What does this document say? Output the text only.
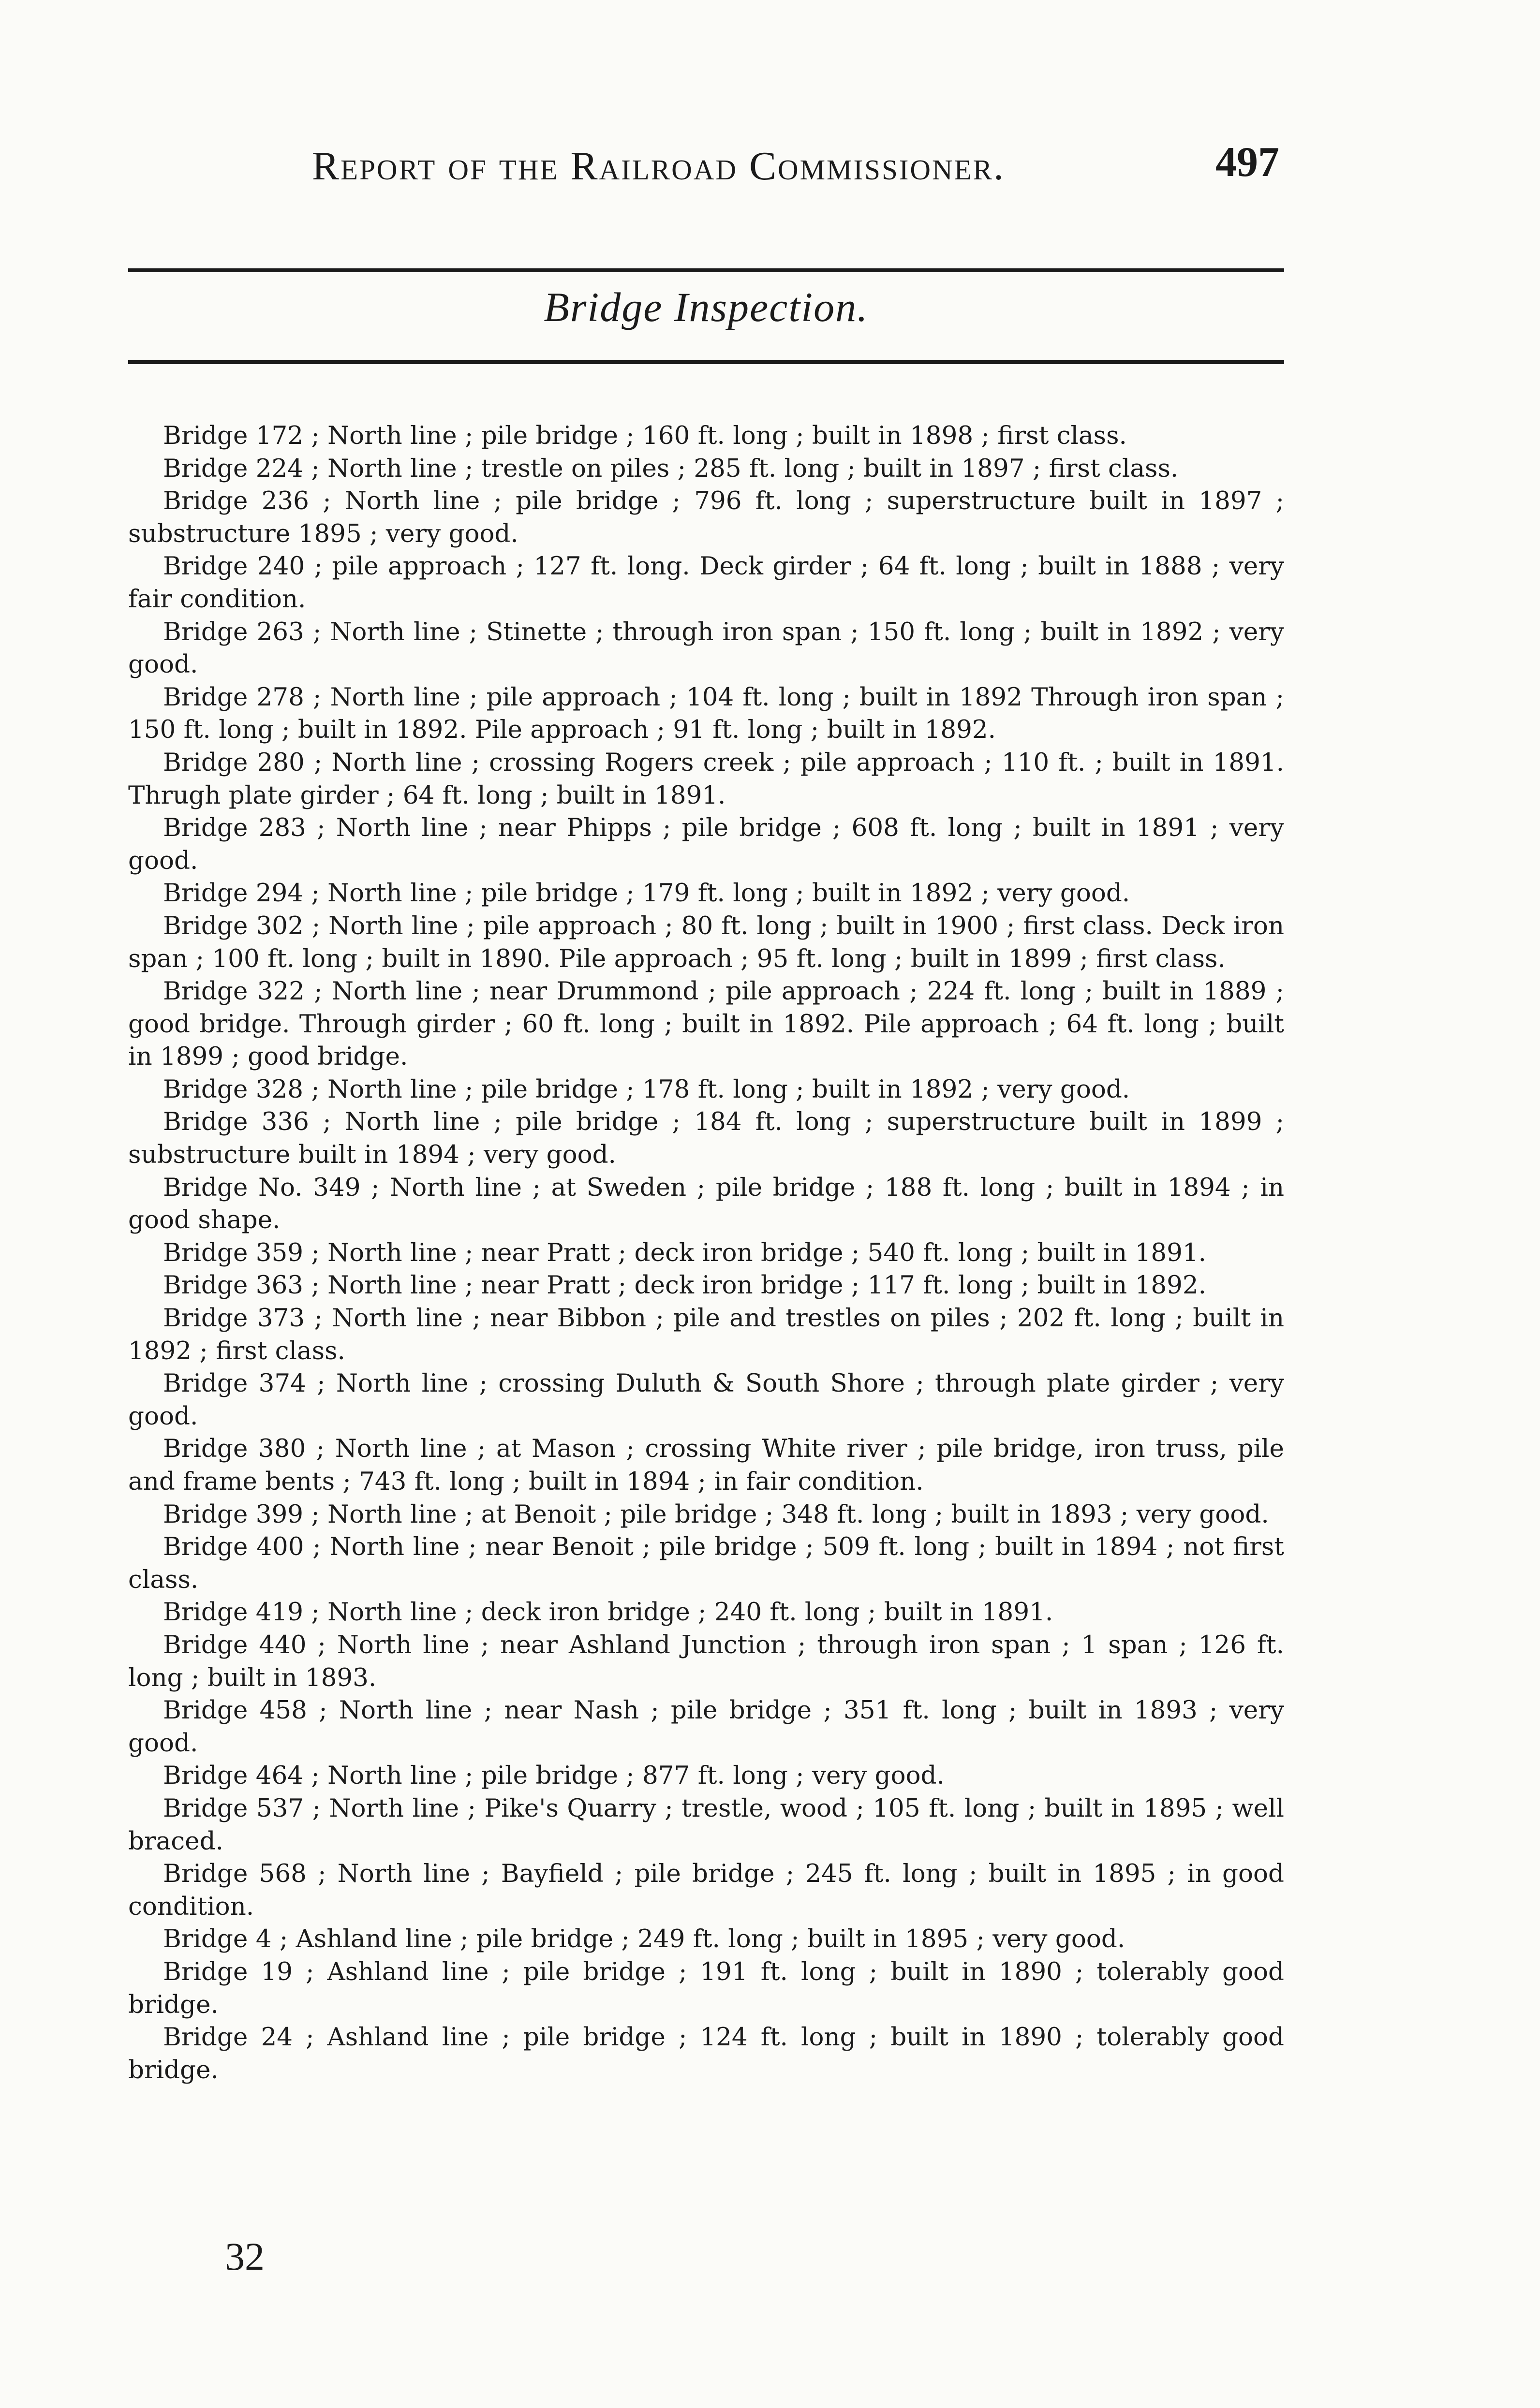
Report of the Railroad Commissioner.	497
Bridge Inspection.

Bridge 172 ; North line ; pile bridge ; 160 ft. long ; built in 1898 ; first class.

Bridge 224 ; North line ; trestle on piles ; 285 ft. long ; built in 1897 ; first class.

Bridge 236 ; North line ; pile bridge ; 796 ft. long ; superstructure built in 1897 ; substructure 1895 ; very good.

Bridge 240 ; pile approach ; 127 ft. long. Deck girder ; 64 ft. long ; built in 1888 ; very fair condition.

Bridge 263 ; North line ; Stinette ; through iron span ; 150 ft. long ; built in 1892 ; very good.

Bridge 278 ; North line ; pile approach ; 104 ft. long ; built in 1892 Through iron span ; 150 ft. long ; built in 1892. Pile approach ; 91 ft. long ; built in 1892.

Bridge 280 ; North line ; crossing Rogers creek ; pile approach ; 110 ft. ; built in 1891. Thrugh plate girder ; 64 ft. long ; built in 1891.

Bridge 283 ; North line ; near Phipps ; pile bridge ; 608 ft. long ; built in 1891 ; very good.

Bridge 294 ; North line ; pile bridge ; 179 ft. long ; built in 1892 ; very good.

Bridge 302 ; North line ; pile approach ; 80 ft. long ; built in 1900 ; first class. Deck iron span ; 100 ft. long ; built in 1890. Pile approach ; 95 ft. long ; built in 1899 ; first class.

Bridge 322 ; North line ; near Drummond ; pile approach ; 224 ft. long ; built in 1889 ; good bridge. Through girder ; 60 ft. long ; built in 1892. Pile approach ; 64 ft. long ; built in 1899 ; good bridge.

Bridge 328 ; North line ; pile bridge ; 178 ft. long ; built in 1892 ; very good.

Bridge 336 ; North line ; pile bridge ; 184 ft. long ; superstructure built in 1899 ; substructure built in 1894 ; very good.

Bridge No. 349 ; North line ; at Sweden ; pile bridge ; 188 ft. long ; built in 1894 ; in good shape.

Bridge 359 ; North line ; near Pratt ; deck iron bridge ; 540 ft. long ; built in 1891.

Bridge 363 ; North line ; near Pratt ; deck iron bridge ; 117 ft. long ; built in 1892.

Bridge 373 ; North line ; near Bibbon ; pile and trestles on piles ; 202 ft. long ; built in 1892 ; first class.

Bridge 374 ; North line ; crossing Duluth & South Shore ; through plate girder ; very good.

Bridge 380 ; North line ; at Mason ; crossing White river ; pile bridge, iron truss, pile and frame bents ; 743 ft. long ; built in 1894 ; in fair condition.

Bridge 399 ; North line ; at Benoit ; pile bridge ; 348 ft. long ; built in 1893 ; very good.

Bridge 400 ; North line ; near Benoit ; pile bridge ; 509 ft. long ; built in 1894 ; not first class.

Bridge 419 ; North line ; deck iron bridge ; 240 ft. long ; built in 1891.

Bridge 440 ; North line ; near Ashland Junction ; through iron span ; 1 span ; 126 ft. long ; built in 1893.

Bridge 458 ; North line ; near Nash ; pile bridge ; 351 ft. long ; built in 1893 ; very good.

Bridge 464 ; North line ; pile bridge ; 877 ft. long ; very good.

Bridge 537 ; North line ; Pike's Quarry ; trestle, wood ; 105 ft. long ; built in 1895 ; well braced.

Bridge 568 ; North line ; Bayfield ; pile bridge ; 245 ft. long ; built in 1895 ; in good condition.

Bridge 4 ; Ashland line ; pile bridge ; 249 ft. long ; built in 1895 ; very good.

Bridge 19 ; Ashland line ; pile bridge ; 191 ft. long ; built in 1890 ; tolerably good bridge.

Bridge 24 ; Ashland line ; pile bridge ; 124 ft. long ; built in 1890 ; tolerably good bridge.

32
